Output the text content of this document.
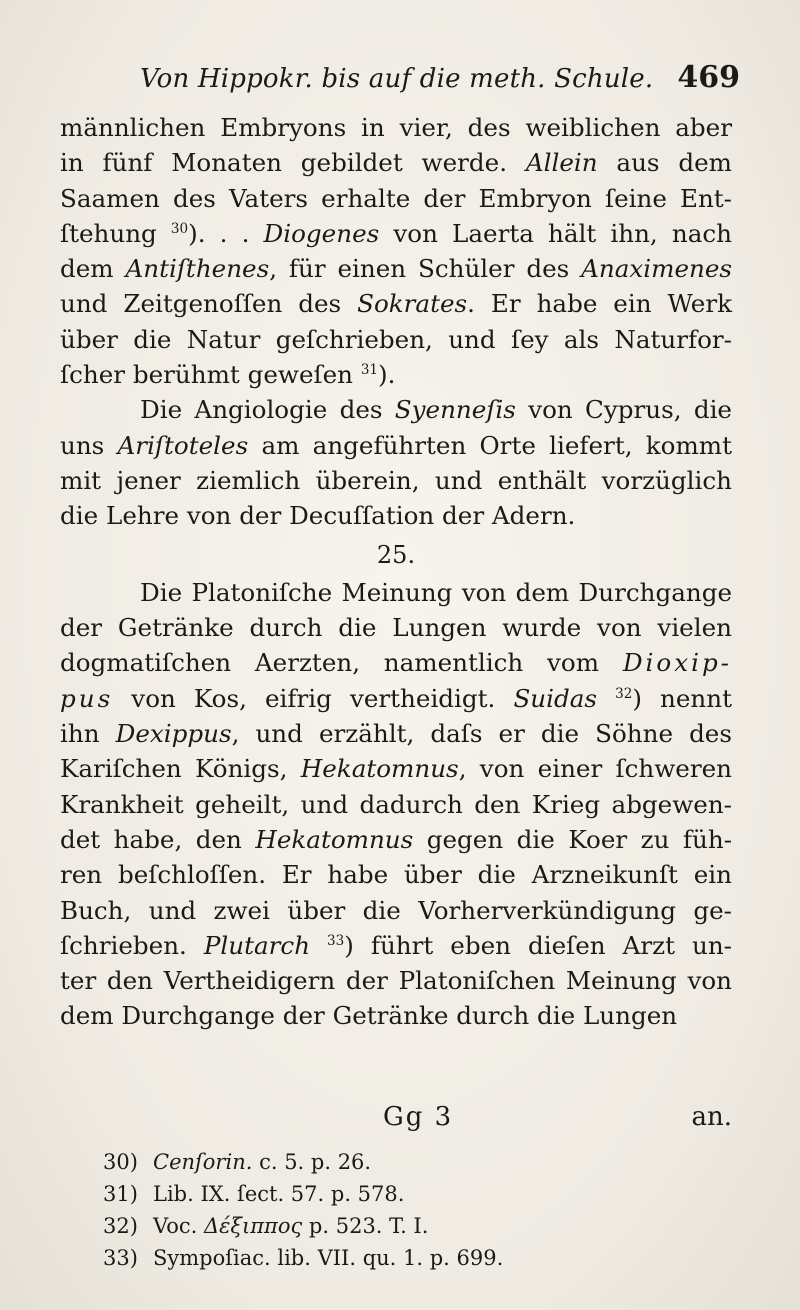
Von Hippokr. bis auf die meth. Schule. 469
männlichen Embryons in vier, des weiblichen aber
in fünf Monaten gebildet werde. Allein aus dem
Saamen des Vaters erhalte der Embryon ſeine Ent-
ſtehung $^{30}$). . . Diogenes von Laerta hält ihn, nach
dem Antiſthenes, für einen Schüler des Anaximenes
und Zeitgenoſſen des Sokrates. Er habe ein Werk
über die Natur geſchrieben, und ſey als Naturfor-
ſcher berühmt geweſen $^{31}$).
Die Angiologie des Syenneſis von Cyprus, die
uns Ariſtoteles am angeführten Orte liefert, kommt
mit jener ziemlich überein, und enthält vorzüglich
die Lehre von der Decuſſation der Adern.
25.
Die Platoniſche Meinung von dem Durchgange
der Getränke durch die Lungen wurde von vielen
dogmatiſchen Aerzten, namentlich vom Dioxip-
pus von Kos, eifrig vertheidigt. Suidas $^{32}$) nennt
ihn Dexippus, und erzählt, daſs er die Söhne des
Kariſchen Königs, Hekatomnus, von einer ſchweren
Krankheit geheilt, und dadurch den Krieg abgewen-
det habe, den Hekatomnus gegen die Koer zu füh-
ren beſchloſſen. Er habe über die Arzneikunſt ein
Buch, und zwei über die Vorherverkündigung ge-
ſchrieben. Plutarch $^{33}$) führt eben dieſen Arzt un-
ter den Vertheidigern der Platoniſchen Meinung von
dem Durchgange der Getränke durch die Lungen
Gg 3	an.
30) Cenſorin. c. 5. p. 26.
31) Lib. IX. ſect. 57. p. 578.
32) Voc. Δέξιππος p. 523. T. I.
33) Sympoſiac. lib. VII. qu. 1. p. 699.
